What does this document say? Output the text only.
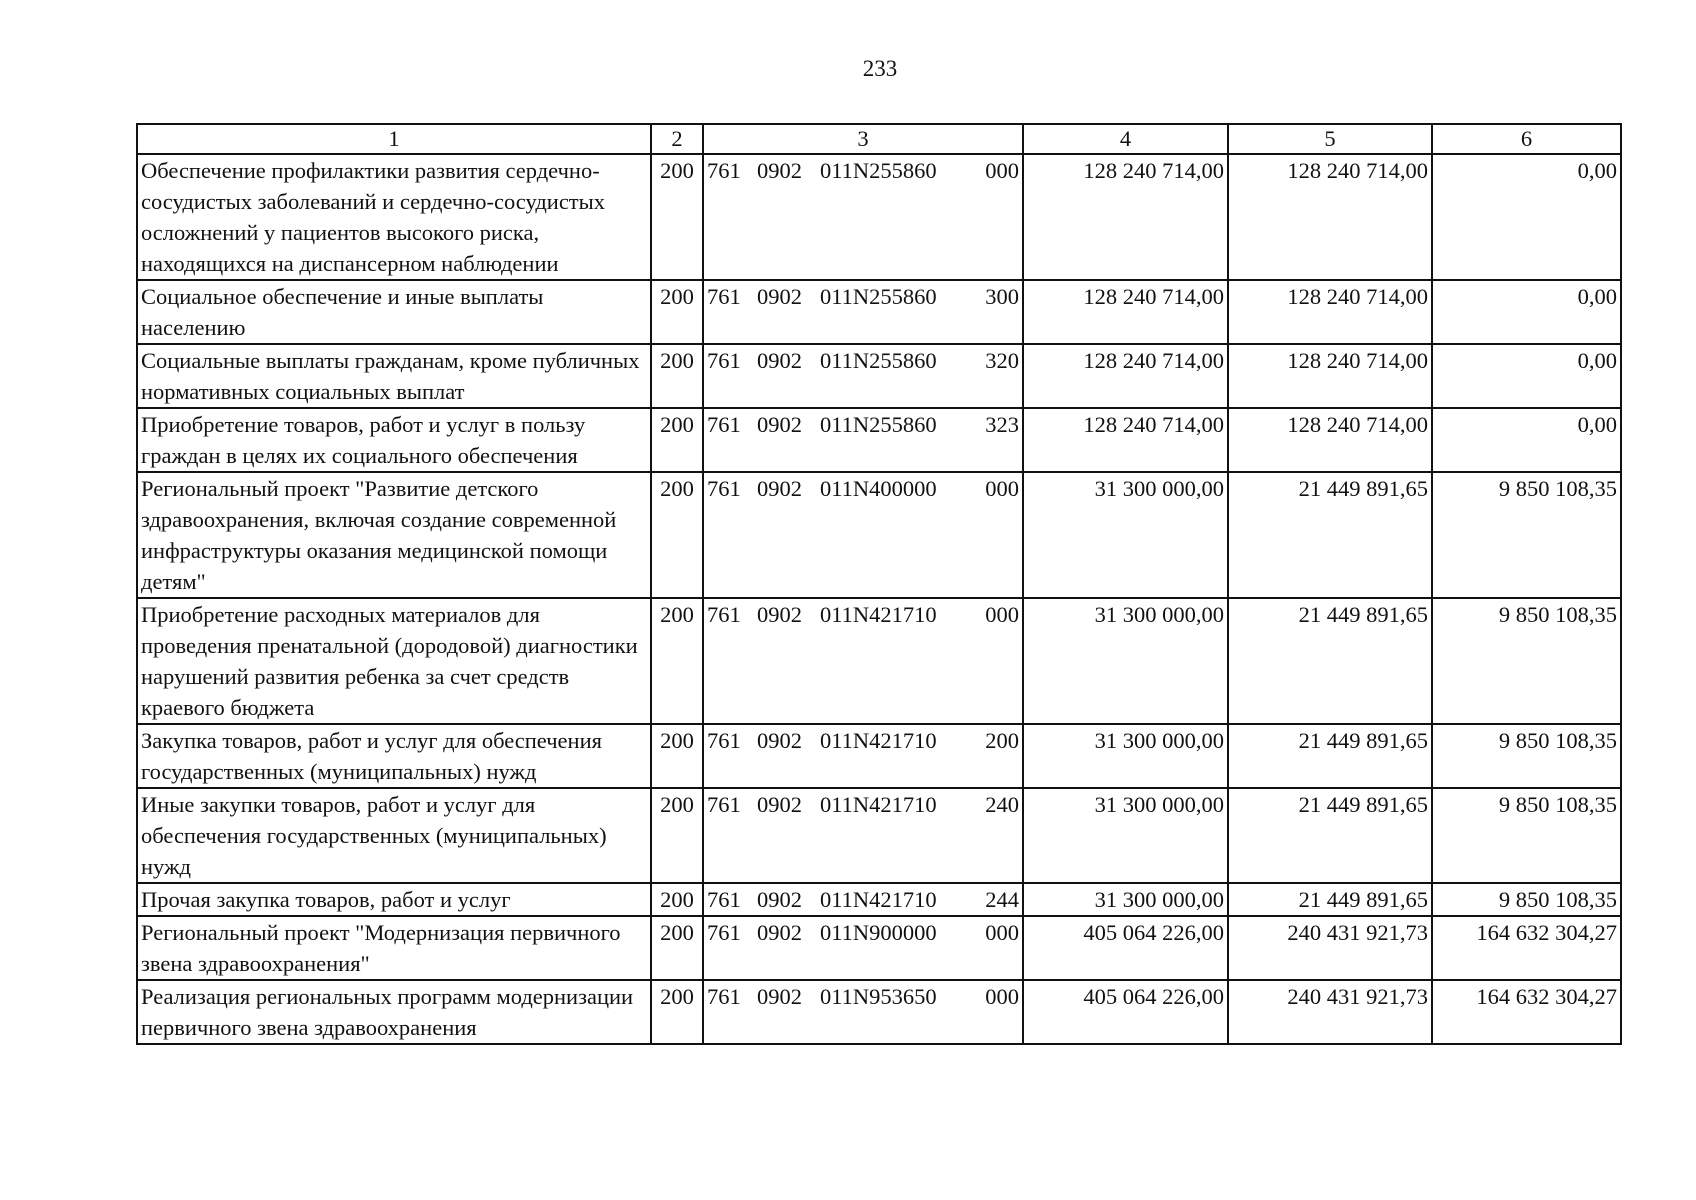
233
1	2	3	4	5	6
Обеспечение профилактики развития сердечно-сосудистых заболеваний и сердечно-сосудистых осложнений у пациентов высокого риска, находящихся на диспансерном наблюдении	200	761 0902 011N255860 000	128 240 714,00	128 240 714,00	0,00
Социальное обеспечение и иные выплаты населению	200	761 0902 011N255860 300	128 240 714,00	128 240 714,00	0,00
Социальные выплаты гражданам, кроме публичных нормативных социальных выплат	200	761 0902 011N255860 320	128 240 714,00	128 240 714,00	0,00
Приобретение товаров, работ и услуг в пользу граждан в целях их социального обеспечения	200	761 0902 011N255860 323	128 240 714,00	128 240 714,00	0,00
Региональный проект "Развитие детского здравоохранения, включая создание современной инфраструктуры оказания медицинской помощи детям"	200	761 0902 011N400000 000	31 300 000,00	21 449 891,65	9 850 108,35
Приобретение расходных материалов для проведения пренатальной (дородовой) диагностики нарушений развития ребенка за счет средств краевого бюджета	200	761 0902 011N421710 000	31 300 000,00	21 449 891,65	9 850 108,35
Закупка товаров, работ и услуг для обеспечения государственных (муниципальных) нужд	200	761 0902 011N421710 200	31 300 000,00	21 449 891,65	9 850 108,35
Иные закупки товаров, работ и услуг для обеспечения государственных (муниципальных) нужд	200	761 0902 011N421710 240	31 300 000,00	21 449 891,65	9 850 108,35
Прочая закупка товаров, работ и услуг	200	761 0902 011N421710 244	31 300 000,00	21 449 891,65	9 850 108,35
Региональный проект "Модернизация первичного звена здравоохранения"	200	761 0902 011N900000 000	405 064 226,00	240 431 921,73	164 632 304,27
Реализация региональных программ модернизации первичного звена здравоохранения	200	761 0902 011N953650 000	405 064 226,00	240 431 921,73	164 632 304,27
